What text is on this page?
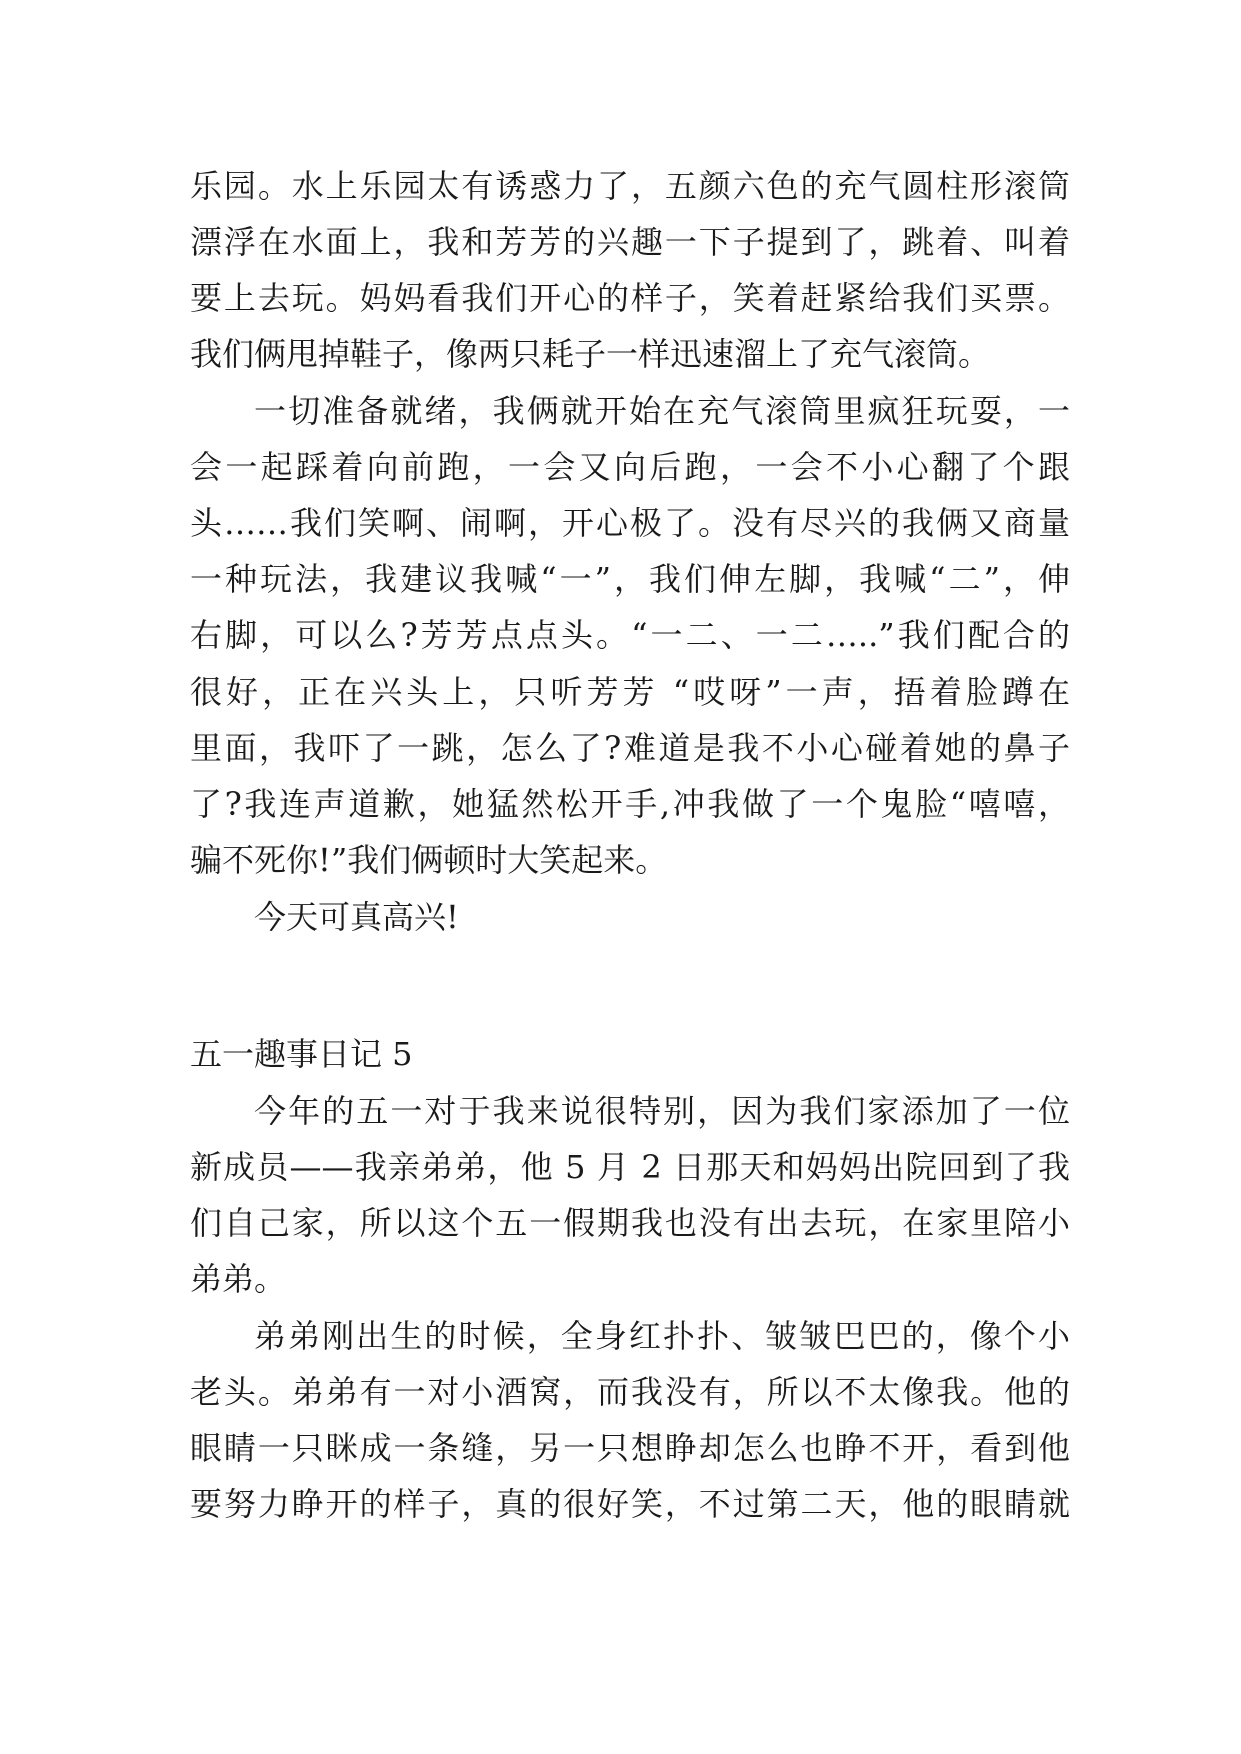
乐园。水上乐园太有诱惑力了，五颜六色的充气圆柱形滚筒
漂浮在水面上，我和芳芳的兴趣一下子提到了，跳着、叫着
要上去玩。妈妈看我们开心的样子，笑着赶紧给我们买票。
我们俩甩掉鞋子，像两只耗子一样迅速溜上了充气滚筒。
一切准备就绪，我俩就开始在充气滚筒里疯狂玩耍，一
会一起踩着向前跑，一会又向后跑，一会不小心翻了个跟
头……我们笑啊、闹啊，开心极了。没有尽兴的我俩又商量
一种玩法，我建议我喊“一”，我们伸左脚，我喊“二”，伸
右脚，可以么?芳芳点点头。“一二、一二…..”我们配合的
很好，正在兴头上，只听芳芳 “哎呀”一声，捂着脸蹲在
里面，我吓了一跳，怎么了?难道是我不小心碰着她的鼻子
了?我连声道歉，她猛然松开手,冲我做了一个鬼脸“嘻嘻，
骗不死你!”我们俩顿时大笑起来。
今天可真高兴!
五一趣事日记 5
今年的五一对于我来说很特别，因为我们家添加了一位
新成员——我亲弟弟，他 5 月 2 日那天和妈妈出院回到了我
们自己家，所以这个五一假期我也没有出去玩，在家里陪小
弟弟。
弟弟刚出生的时候，全身红扑扑、皱皱巴巴的，像个小
老头。弟弟有一对小酒窝，而我没有，所以不太像我。他的
眼睛一只眯成一条缝，另一只想睁却怎么也睁不开，看到他
要努力睁开的样子，真的很好笑，不过第二天，他的眼睛就
